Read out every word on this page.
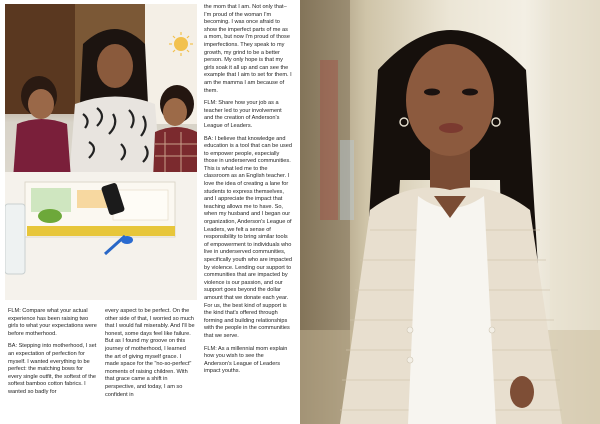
FLM: Compare what your actual experience has been raising two girls to what your expectations were before motherhood.

BA: Stepping into motherhood, I set an expectation of perfection for myself. I wanted everything to be perfect: the matching bows for every single outfit, the softest of the softest bamboo cotton fabrics. I wanted so badly for

every aspect to be perfect. On the other side of that, I worried so much that I would fail miserably. And I'll be honest, some days feel like failure. But as I found my groove on this journey of motherhood, I learned the art of giving myself grace. I made space for the "no-so-perfect" moments of raising children. With that grace came a shift in perspective, and today, I am so confident in

the mom that I am. Not only that– I'm proud of the woman I'm becoming. I was once afraid to show the imperfect parts of me as a mom, but now I'm proud of those imperfections. They speak to my growth, my grind to be a better person. My only hope is that my girls soak it all up and can see the example that I aim to set for them. I am the mamma I am because of them.

FLM: Share how your job as a teacher led to your involvement and the creation of Anderson's League of Leaders.

BA: I believe that knowledge and education is a tool that can be used to empower people, especially those in underserved communities. This is what led me to the classroom as an English teacher. I love the idea of creating a lane for students to express themselves, and I appreciate the impact that teaching allows me to have. So, when my husband and I began our organization, Anderson's League of Leaders, we felt a sense of responsibility to bring similar tools of empowerment to individuals who live in underserved communities, specifically youth who are impacted by violence. Lending our support to communities that are impacted by violence is our passion, and our support goes beyond the dollar amount that we donate each year. For us, the best kind of support is the kind that's offered through forming and building relationships with the people in the communities that we serve.

FLM: As a millennial mom explain how you wish to see the Anderson's League of Leaders impact youths.
